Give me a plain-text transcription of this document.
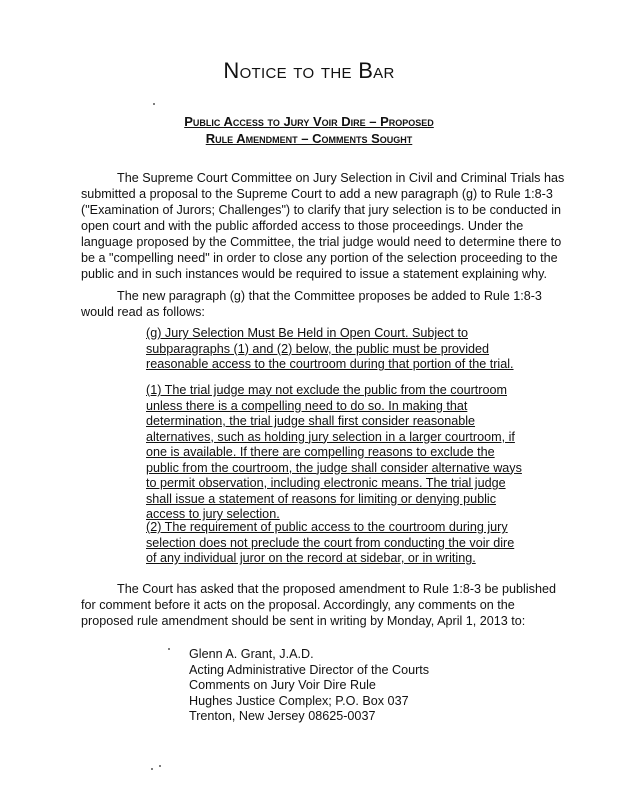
Notice to the Bar
Public Access to Jury Voir Dire – Proposed
Rule Amendment – Comments Sought

The Supreme Court Committee on Jury Selection in Civil and Criminal Trials has
submitted a proposal to the Supreme Court to add a new paragraph (g) to Rule 1:8-3
("Examination of Jurors; Challenges") to clarify that jury selection is to be conducted in
open court and with the public afforded access to those proceedings. Under the
language proposed by the Committee, the trial judge would need to determine there to
be a "compelling need" in order to close any portion of the selection proceeding to the
public and in such instances would be required to issue a statement explaining why.

The new paragraph (g) that the Committee proposes be added to Rule 1:8-3
would read as follows:

(g) Jury Selection Must Be Held in Open Court. Subject to
subparagraphs (1) and (2) below, the public must be provided
reasonable access to the courtroom during that portion of the trial.

(1) The trial judge may not exclude the public from the courtroom
unless there is a compelling need to do so. In making that
determination, the trial judge shall first consider reasonable
alternatives, such as holding jury selection in a larger courtroom, if
one is available. If there are compelling reasons to exclude the
public from the courtroom, the judge shall consider alternative ways
to permit observation, including electronic means. The trial judge
shall issue a statement of reasons for limiting or denying public
access to jury selection.

(2) The requirement of public access to the courtroom during jury
selection does not preclude the court from conducting the voir dire
of any individual juror on the record at sidebar, or in writing.

The Court has asked that the proposed amendment to Rule 1:8-3 be published
for comment before it acts on the proposal. Accordingly, any comments on the
proposed rule amendment should be sent in writing by Monday, April 1, 2013 to:

Glenn A. Grant, J.A.D.
Acting Administrative Director of the Courts
Comments on Jury Voir Dire Rule
Hughes Justice Complex; P.O. Box 037
Trenton, New Jersey 08625-0037
